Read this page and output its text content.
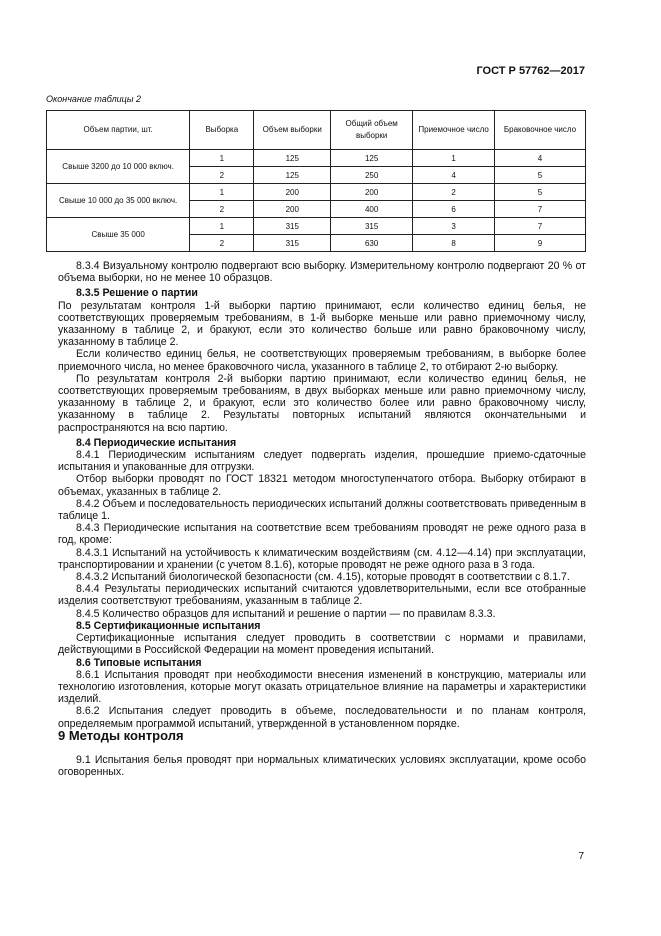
ГОСТ Р 57762—2017
Окончание таблицы 2
Объем партии, шт.	Выборка	Объем выборки	Общий объем выборки	Приемочное число	Браковочное число
Свыше 3200 до 10 000 включ.	1	125	125	1	4
	2	125	250	4	5
Свыше 10 000 до 35 000 включ.	1	200	200	2	5
	2	200	400	6	7
Свыше 35 000	1	315	315	3	7
	2	315	630	8	9

8.3.4 Визуальному контролю подвергают всю выборку. Измерительному контролю подвергают 20 % от объема выборки, но не менее 10 образцов.

8.3.5 Решение о партии

По результатам контроля 1-й выборки партию принимают, если количество единиц белья, не соответствующих проверяемым требованиям, в 1-й выборке меньше или равно приемочному числу, указанному в таблице 2, и бракуют, если это количество больше или равно браковочному числу, указанному в таблице 2.

Если количество единиц белья, не соответствующих проверяемым требованиям, в выборке более приемочного числа, но менее браковочного числа, указанного в таблице 2, то отбирают 2-ю выборку.

По результатам контроля 2-й выборки партию принимают, если количество единиц белья, не соответствующих проверяемым требованиям, в двух выборках меньше или равно приемочному числу, указанному в таблице 2, и бракуют, если это количество более или равно браковочному числу, указанному в таблице 2. Результаты повторных испытаний являются окончательными и распространяются на всю партию.

8.4 Периодические испытания

8.4.1 Периодическим испытаниям следует подвергать изделия, прошедшие приемо-сдаточные испытания и упакованные для отгрузки.

Отбор выборки проводят по ГОСТ 18321 методом многоступенчатого отбора. Выборку отбирают в объемах, указанных в таблице 2.

8.4.2 Объем и последовательность периодических испытаний должны соответствовать приведенным в таблице 1.

8.4.3 Периодические испытания на соответствие всем требованиям проводят не реже одного раза в год, кроме:

8.4.3.1 Испытаний на устойчивость к климатическим воздействиям (см. 4.12—4.14) при эксплуатации, транспортировании и хранении (с учетом 8.1.6), которые проводят не реже одного раза в 3 года.

8.4.3.2 Испытаний биологической безопасности (см. 4.15), которые проводят в соответствии с 8.1.7.

8.4.4 Результаты периодических испытаний считаются удовлетворительными, если все отобранные изделия соответствуют требованиям, указанным в таблице 2.

8.4.5 Количество образцов для испытаний и решение о партии — по правилам 8.3.3.

8.5 Сертификационные испытания

Сертификационные испытания следует проводить в соответствии с нормами и правилами, действующими в Российской Федерации на момент проведения испытаний.

8.6 Типовые испытания

8.6.1 Испытания проводят при необходимости внесения изменений в конструкцию, материалы или технологию изготовления, которые могут оказать отрицательное влияние на параметры и характеристики изделий.

8.6.2 Испытания следует проводить в объеме, последовательности и по планам контроля, определяемым программой испытаний, утвержденной в установленном порядке.

9 Методы контроля

9.1 Испытания белья проводят при нормальных климатических условиях эксплуатации, кроме особо оговоренных.

7
